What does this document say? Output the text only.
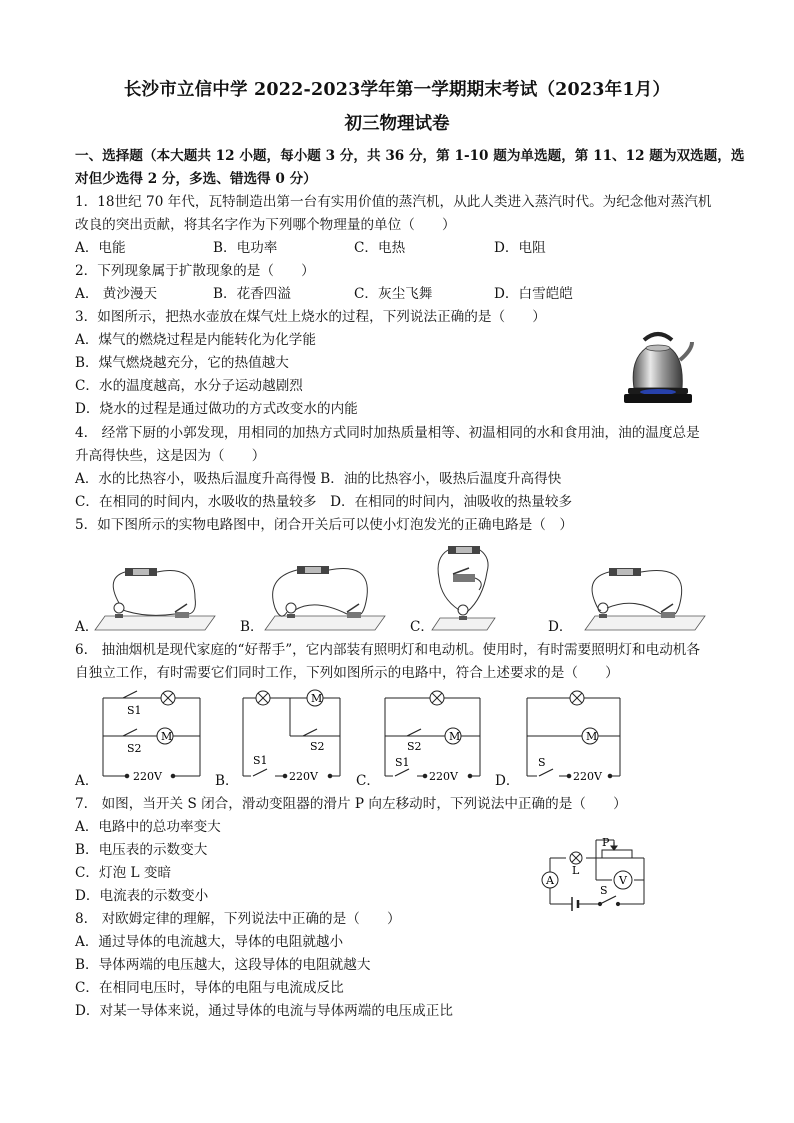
长沙市立信中学 2022-2023学年第一学期期末考试（2023年1月）
初三物理试卷
一、选择题（本大题共 12 小题，每小题 3 分，共 36 分，第 1-10 题为单选题，第 11、12 题为双选题，选
对但少选得 2 分，多选、错选得 0 分）
1．18世纪 70 年代，瓦特制造出第一台有实用价值的蒸汽机，从此人类进入蒸汽时代。为纪念他对蒸汽机
改良的突出贡献，将其名字作为下列哪个物理量的单位（　　）
A．电能	B．电功率	C．电热	D．电阻
2．下列现象属于扩散现象的是（　　）
A.　黄沙漫天	B．花香四溢	C．灰尘飞舞	D．白雪皑皑
3．如图所示，把热水壶放在煤气灶上烧水的过程，下列说法正确的是（　　）
A．煤气的燃烧过程是内能转化为化学能
B．煤气燃烧越充分，它的热值越大
C．水的温度越高，水分子运动越剧烈
D．烧水的过程是通过做功的方式改变水的内能
4.　经常下厨的小郭发现，用相同的加热方式同时加热质量相等、初温相同的水和食用油，油的温度总是
升高得快些，这是因为（　　）
A．水的比热容小，吸热后温度升高得慢 B．油的比热容小，吸热后温度升高得快
C．在相同的时间内，水吸收的热量较多　D．在相同的时间内，油吸收的热量较多
5．如下图所示的实物电路图中，闭合开关后可以使小灯泡发光的正确电路是（　）
A．	B．	C．	D．
6.　抽油烟机是现代家庭的“好帮手”，它内部装有照明灯和电动机。使用时，有时需要照明灯和电动机各
自独立工作，有时需要它们同时工作，下列如图所示的电路中，符合上述要求的是（　　）
M
S1
S2
220V
M
S1
S2
220V
M
S1
S2
220V
M
S
220V
A．	B．	C．	D．
7.　如图，当开关 S 闭合，滑动变阻器的滑片 P 向左移动时，下列说法中正确的是（　　）
A．电路中的总功率变大
B．电压表的示数变大
C．灯泡 L 变暗
D．电流表的示数变小
A
L
P
V
S
8.　对欧姆定律的理解，下列说法中正确的是（　　）
A．通过导体的电流越大，导体的电阻就越小
B．导体两端的电压越大，这段导体的电阻就越大
C．在相同电压时，导体的电阻与电流成反比
D．对某一导体来说，通过导体的电流与导体两端的电压成正比
